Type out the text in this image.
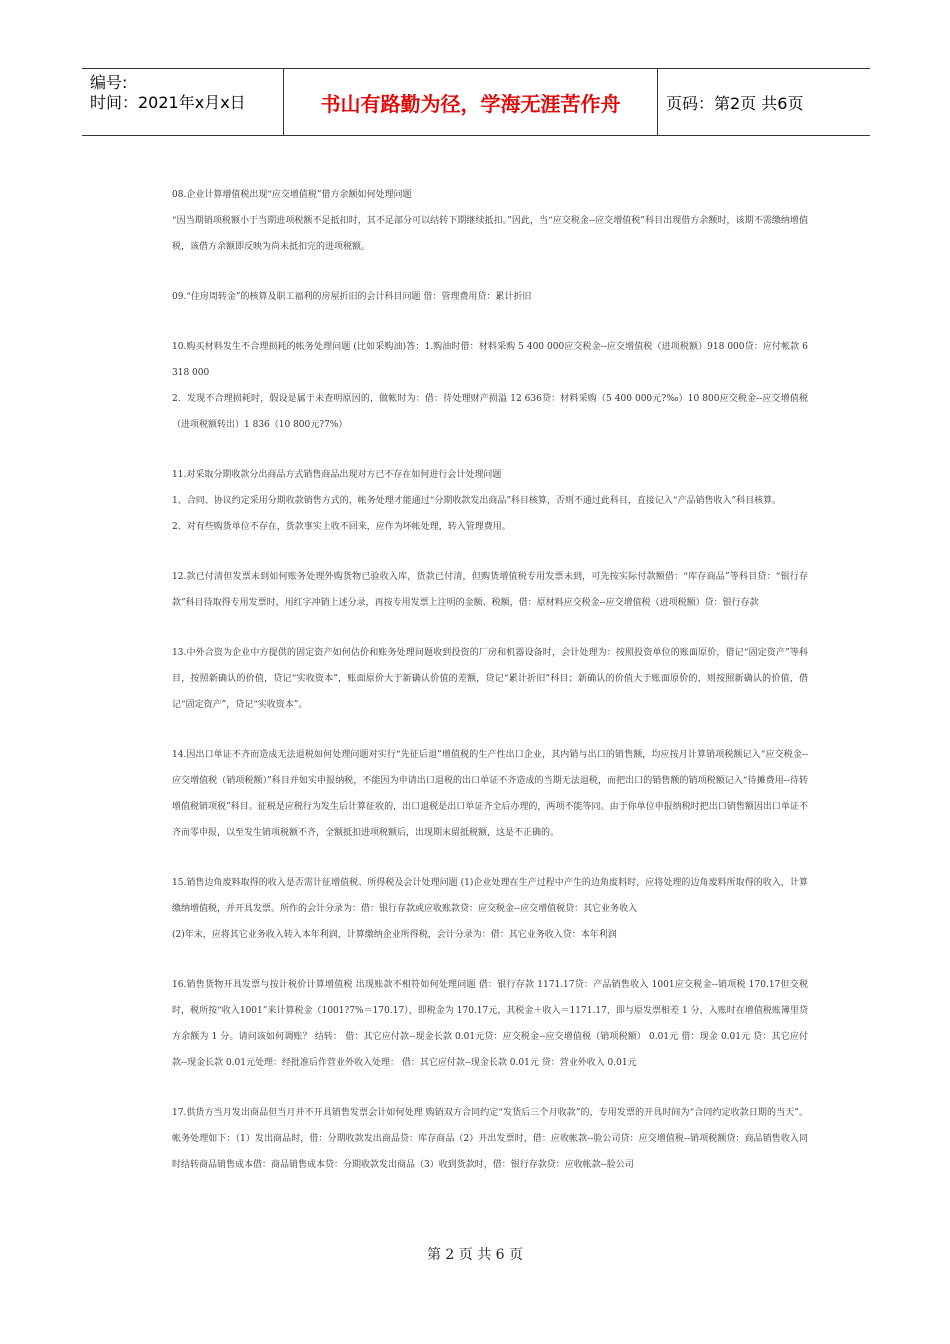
编号:
时间：2021年x月x日	书山有路勤为径，学海无涯苦作舟	页码：第2页 共6页

08.企业计算增值税出现“应交增值税”借方余额如何处理问题

“因当期销项税额小于当期进项税额不足抵扣时，其不足部分可以结转下期继续抵扣。”因此，当“应交税金--应交增值税”科目出现借方余额时，该期不需缴纳增值税，该借方余额即反映为尚未抵扣完的进项税额。

09.“住房周转金”的核算及职工福利的房屋折旧的会计科目问题 借：管理费用贷：累计折旧

10.购买材料发生不合理损耗的帐务处理问题 (比如采购油)答：1.购油时借：材料采购 5 400 000应交税金--应交增值税（进项税额）918 000贷：应付帐款 6 318 000

2．发现不合理损耗时，假设是属于未查明原因的，做帐时为：借：待处理财产损溢 12 636贷：材料采购（5 400 000元?‰）10 800应交税金--应交增值税（进项税额转出）1 836（10 800元?7%）

11.对采取分期收款分出商品方式销售商品出现对方已不存在如何进行会计处理问题

1、合同、协议约定采用分期收款销售方式的，帐务处理才能通过“分期收款发出商品”科目核算，否则不通过此科目，直接记入“产品销售收入”科目核算。

2、对有些购货单位不存在，货款事实上收不回来，应作为坏帐处理，转入管理费用。

12.款已付清但发票未到如何账务处理外购货物已验收入库，货款已付清，但购货增值税专用发票未到，可先按实际付款额借：“库存商品”等科目贷：“银行存款”科目待取得专用发票时，用红字冲销上述分录，再按专用发票上注明的金额、税额，借：原材料应交税金--应交增值税（进项税额）贷：银行存款

13.中外合资为企业中方提供的固定资产如何估价和账务处理问题收到投资的厂房和机器设备时，会计处理为：按照投资单位的账面原价，借记“固定资产”等科目，按照新确认的价值，贷记“实收资本”，账面原价大于新确认价值的差额，贷记“累计折旧”科目；新确认的价值大于账面原价的，则按照新确认的价值，借记“固定资产”，贷记“实收资本”。

14.因出口单证不齐而造成无法退税如何处理问题对实行“先征后退”增值税的生产性出口企业，其内销与出口的销售额，均应按月计算销项税额记入“应交税金--应交增值税（销项税额）”科目并如实申报纳税，不能因为申请出口退税的出口单证不齐造成的当期无法退税，而把出口的销售额的销项税额记入“待摊费用--待转增值税销项税”科目。征税是应税行为发生后计算征收的，出口退税是出口单证齐全后办理的，两项不能等同。由于你单位申报纳税时把出口销售额因出口单证不齐而零申报，以至发生销项税额不齐，全额抵扣进项税额后，出现期末留抵税额，这是不正确的。

15.销售边角废料取得的收入是否需计征增值税、所得税及会计处理问题 (1)企业处理在生产过程中产生的边角废料时，应将处理的边角废料所取得的收入，计算缴纳增值税，并开具发票。所作的会计分录为：借：银行存款或应收账款贷：应交税金--应交增值税贷：其它业务收入

(2)年末，应将其它业务收入转入本年利润，计算缴纳企业所得税，会计分录为：借：其它业务收入贷：本年利润

16.销售货物开具发票与按计税价计算增值税 出现账款不相符如何处理问题 借：银行存款 1171.17贷：产品销售收入 1001应交税金--销项税 170.17但交税时，税所按“收入1001”来计算税金（1001?7%＝170.17），即税金为 170.17元，其税金＋收入＝1171.17，即与原发票相差 1 分，入账时在增值税账簿里贷方余额为 1 分。请问该如何调账？ 结转： 借：其它应付款--现金长款 0.01元贷：应交税金--应交增值税（销项税额） 0.01元 借：现金 0.01元 贷：其它应付款--现金长款 0.01元处理：经批准后作营业外收入处理： 借：其它应付款--现金长款 0.01元 贷：营业外收入 0.01元

17.供货方当月发出商品但当月并不开具销售发票会计如何处理 购销双方合同约定“发货后三个月收款”的，专用发票的开具时间为“合同约定收款日期的当天”。帐务处理如下：（1）发出商品时，借：分期收款发出商品贷：库存商品（2）开出发票时，借：应收帐款--脸公司贷：应交增值税--销项税额贷：商品销售收入同时结转商品销售成本借：商品销售成本贷：分期收款发出商品（3）收到货款时，借：银行存款贷：应收帐款--脸公司

第 2 页 共 6 页
